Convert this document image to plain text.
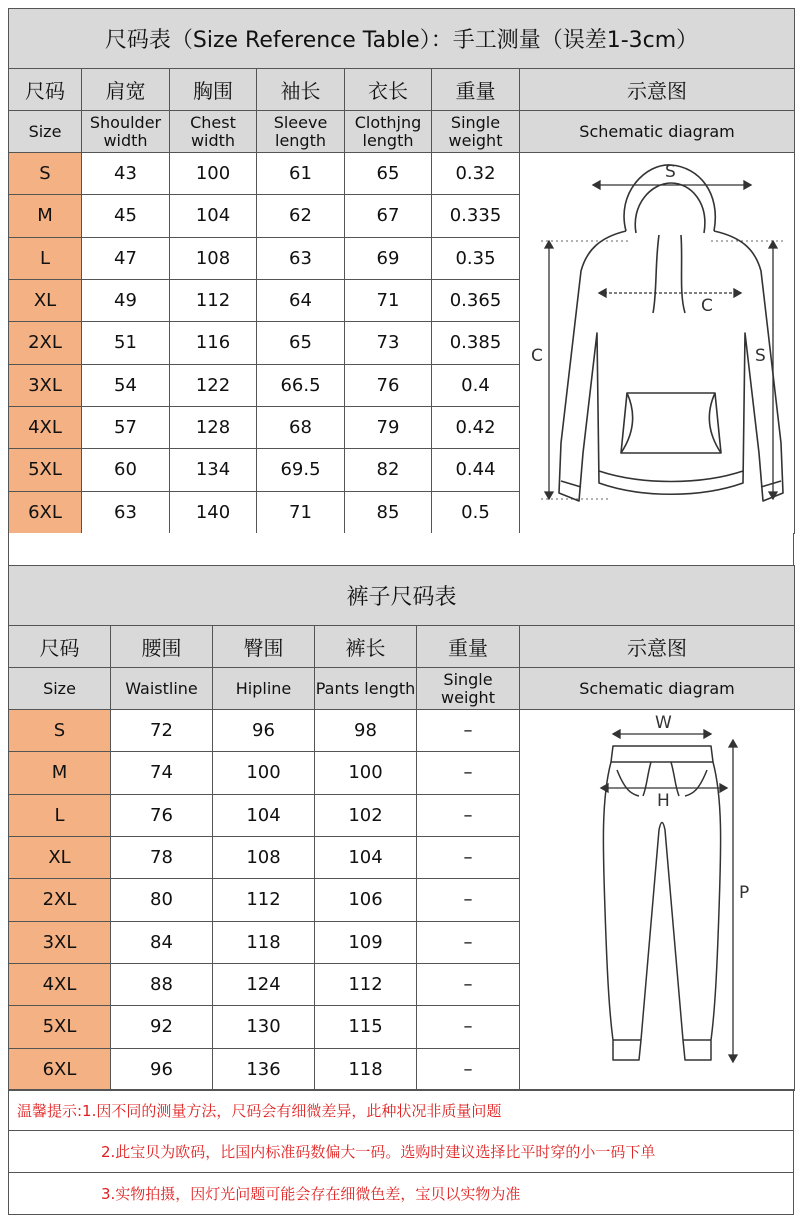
尺码表（Size Reference Table）：手工测量（误差1-3cm）						
尺码	肩宽	胸围	袖长	衣长	重量	示意图
Size	Shoulder width	Chest width	Sleeve length	Clothjng length	Single weight	Schematic diagram
S	43	100	61	65	0.32	S
C
C S

M	45	104	62	67	0.335	
L	47	108	63	69	0.35	
XL	49	112	64	71	0.365	
2XL	51	116	65	73	0.385	
3XL	54	122	66.5	76	0.4	
4XL	57	128	68	79	0.42	
5XL	60	134	69.5	82	0.44	
6XL	63	140	71	85	0.5	
裤子尺码表					
尺码	腰围	臀围	裤长	重量	示意图
Size	Waistline	Hipline	Pants length	Single weight	Schematic diagram
S	72	96	98	–	W
H
P

M	74	100	100	–	
L	76	104	102	–	
XL	78	108	104	–	
2XL	80	112	106	–	
3XL	84	118	109	–	
4XL	88	124	112	–	
5XL	92	130	115	–	
6XL	96	136	118	–	
温馨提示:1.因不同的测量方法，尺码会有细微差异，此种状况非质量问题
2.此宝贝为欧码，比国内标准码数偏大一码。选购时建议选择比平时穿的小一码下单
3.实物拍摄，因灯光问题可能会存在细微色差，宝贝以实物为准
